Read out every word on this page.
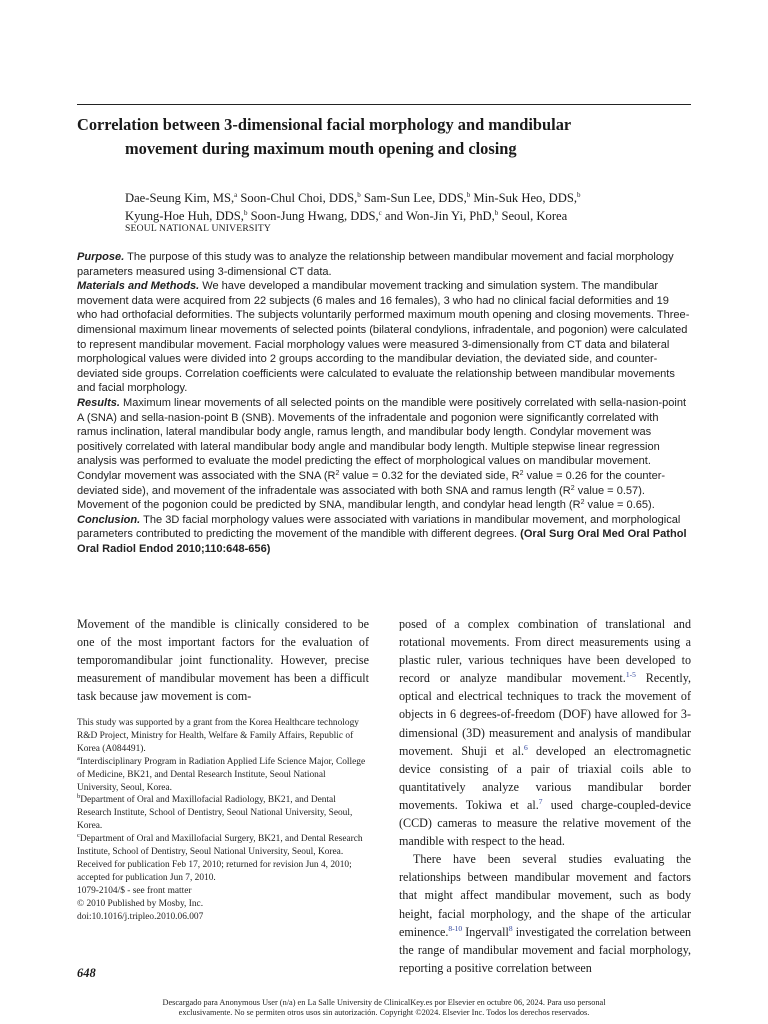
Correlation between 3-dimensional facial morphology and mandibular movement during maximum mouth opening and closing

Dae-Seung Kim, MS,$^a$ Soon-Chul Choi, DDS,$^b$ Sam-Sun Lee, DDS,$^b$ Min-Suk Heo, DDS,$^b$
Kyung-Hoe Huh, DDS,$^b$ Soon-Jung Hwang, DDS,$^c$ and Won-Jin Yi, PhD,$^b$ Seoul, Korea

SEOUL NATIONAL UNIVERSITY

Purpose. The purpose of this study was to analyze the relationship between mandibular movement and facial morphology parameters measured using 3-dimensional CT data.

Materials and Methods. We have developed a mandibular movement tracking and simulation system. The mandibular movement data were acquired from 22 subjects (6 males and 16 females), 3 who had no clinical facial deformities and 19 who had orthofacial deformities. The subjects voluntarily performed maximum mouth opening and closing movements. Three-dimensional maximum linear movements of selected points (bilateral condylions, infradentale, and pogonion) were calculated to represent mandibular movement. Facial morphology values were measured 3-dimensionally from CT data and bilateral morphological values were divided into 2 groups according to the mandibular deviation, the deviated side, and counter-deviated side groups. Correlation coefficients were calculated to evaluate the relationship between mandibular movements and facial morphology.

Results. Maximum linear movements of all selected points on the mandible were positively correlated with sella-nasion-point A (SNA) and sella-nasion-point B (SNB). Movements of the infradentale and pogonion were significantly correlated with ramus inclination, lateral mandibular body angle, ramus length, and mandibular body length. Condylar movement was positively correlated with lateral mandibular body angle and mandibular body length. Multiple stepwise linear regression analysis was performed to evaluate the model predicting the effect of morphological values on mandibular movement. Condylar movement was associated with the SNA ($R^2$ value = 0.32 for the deviated side, $R^2$ value = 0.26 for the counter-deviated side), and movement of the infradentale was associated with both SNA and ramus length ($R^2$ value = 0.57). Movement of the pogonion could be predicted by SNA, mandibular length, and condylar head length ($R^2$ value = 0.65).

Conclusion. The 3D facial morphology values were associated with variations in mandibular movement, and morphological parameters contributed to predicting the movement of the mandible with different degrees. (Oral Surg Oral Med Oral Pathol Oral Radiol Endod 2010;110:648-656)

Movement of the mandible is clinically considered to be one of the most important factors for the evaluation of temporomandibular joint functionality. However, precise measurement of mandibular movement has been a difficult task because jaw movement is com-

This study was supported by a grant from the Korea Healthcare technology R&D Project, Ministry for Health, Welfare & Family Affairs, Republic of Korea (A084491).

$^a$Interdisciplinary Program in Radiation Applied Life Science Major, College of Medicine, BK21, and Dental Research Institute, Seoul National University, Seoul, Korea.

$^b$Department of Oral and Maxillofacial Radiology, BK21, and Dental Research Institute, School of Dentistry, Seoul National University, Seoul, Korea.

$^c$Department of Oral and Maxillofacial Surgery, BK21, and Dental Research Institute, School of Dentistry, Seoul National University, Seoul, Korea.

Received for publication Feb 17, 2010; returned for revision Jun 4, 2010; accepted for publication Jun 7, 2010.

1079-2104/$ - see front matter

© 2010 Published by Mosby, Inc.

doi:10.1016/j.tripleo.2010.06.007

posed of a complex combination of translational and rotational movements. From direct measurements using a plastic ruler, various techniques have been developed to record or analyze mandibular movement.$^{1-5}$ Recently, optical and electrical techniques to track the movement of objects in 6 degrees-of-freedom (DOF) have allowed for 3-dimensional (3D) measurement and analysis of mandibular movement. Shuji et al.$^6$ developed an electromagnetic device consisting of a pair of triaxial coils able to quantitatively analyze various mandibular border movements. Tokiwa et al.$^7$ used charge-coupled-device (CCD) cameras to measure the relative movement of the mandible with respect to the head.

There have been several studies evaluating the relationships between mandibular movement and factors that might affect mandibular movement, such as body height, facial morphology, and the shape of the articular eminence.$^{8-10}$ Ingervall$^8$ investigated the correlation between the range of mandibular movement and facial morphology, reporting a positive correlation between

648
Descargado para Anonymous User (n/a) en La Salle University de ClinicalKey.es por Elsevier en octubre 06, 2024. Para uso personal
exclusivamente. No se permiten otros usos sin autorización. Copyright ©2024. Elsevier Inc. Todos los derechos reservados.
